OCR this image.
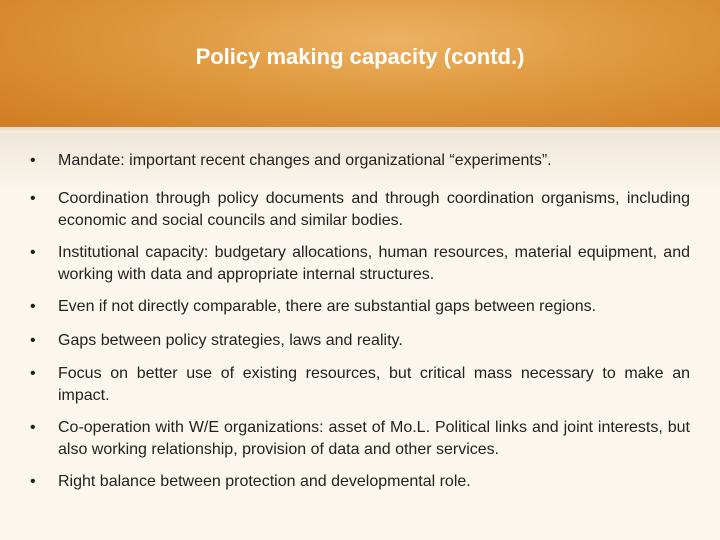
Policy making capacity (contd.)
• Mandate: important recent changes and organizational “experiments”.
• Coordination through policy documents and through coordination organisms, including economic and social councils and similar bodies.
• Institutional capacity: budgetary allocations, human resources, material equipment, and working with data and appropriate internal structures.
• Even if not directly comparable, there are substantial gaps between regions.
• Gaps between policy strategies, laws and reality.
• Focus on better use of existing resources, but critical mass necessary to make an impact.
• Co-operation with W/E organizations: asset of Mo.L. Political links and joint interests, but also working relationship, provision of data and other services.
• Right balance between protection and developmental role.
